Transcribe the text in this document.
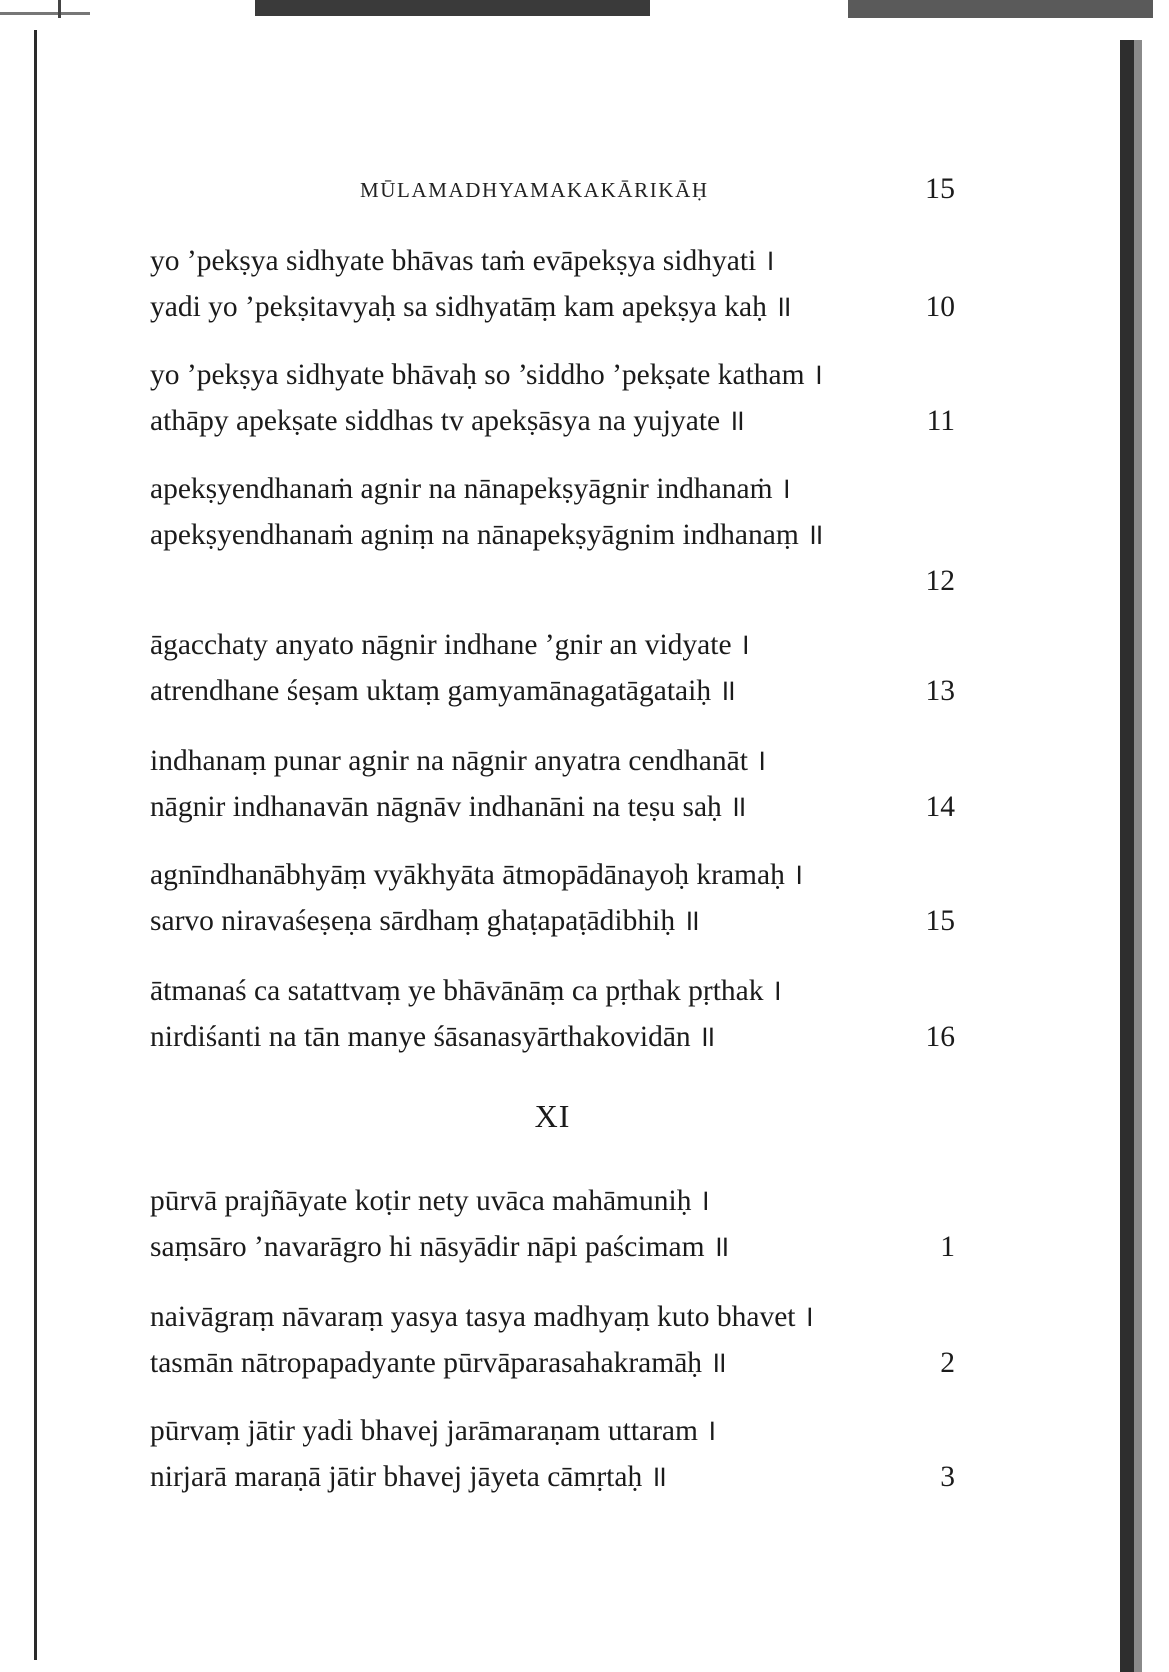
MŪLAMADHYAMAKAKĀRIKĀḤ	15
yo ’pekṣya sidhyate bhāvas taṁ evāpekṣya sidhyati ।
yadi yo ’pekṣitavyaḥ sa sidhyatāṃ kam apekṣya kaḥ ॥	10
yo ’pekṣya sidhyate bhāvaḥ so ’siddho ’pekṣate katham ।
athāpy apekṣate siddhas tv apekṣāsya na yujyate ॥	11
apekṣyendhanaṁ agnir na nānapekṣyāgnir indhanaṁ ।
apekṣyendhanaṁ agniṃ na nānapekṣyāgnim indhanaṃ ॥
12
āgacchaty anyato nāgnir indhane ’gnir an vidyate ।
atrendhane śeṣam uktaṃ gamyamānagatāgataiḥ ॥	13
indhanaṃ punar agnir na nāgnir anyatra cendhanāt ।
nāgnir indhanavān nāgnāv indhanāni na teṣu saḥ ॥	14
agnīndhanābhyāṃ vyākhyāta ātmopādānayoḥ kramaḥ ।
sarvo niravaśeṣeṇa sārdhaṃ ghaṭapaṭādibhiḥ ॥	15
ātmanaś ca satattvaṃ ye bhāvānāṃ ca pṛthak pṛthak ।
nirdiśanti na tān manye śāsanasyārthakovidān ॥	16
XI
pūrvā prajñāyate koṭir nety uvāca mahāmuniḥ ।
saṃsāro ’navarāgro hi nāsyādir nāpi paścimam ॥	1
naivāgraṃ nāvaraṃ yasya tasya madhyaṃ kuto bhavet ।
tasmān nātropapadyante pūrvāparasahakramāḥ ॥	2
pūrvaṃ jātir yadi bhavej jarāmaraṇam uttaram ।
nirjarā maraṇā jātir bhavej jāyeta cāmṛtaḥ ॥	3
